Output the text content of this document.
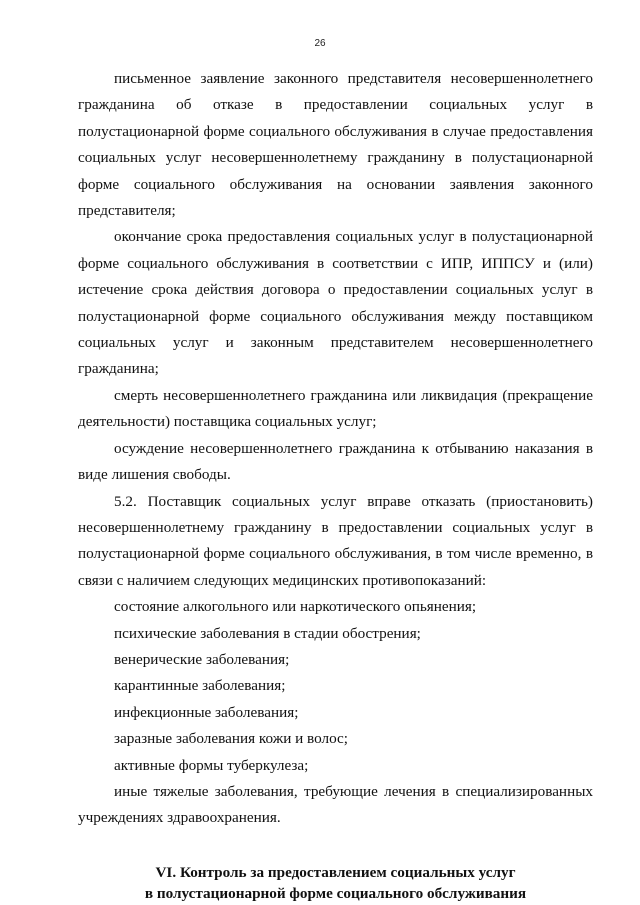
26

письменное заявление законного представителя несовершеннолетнего гражданина об отказе в предоставлении социальных услуг в полустационарной форме социального обслуживания в случае предоставления социальных услуг несовершеннолетнему гражданину в полустационарной форме социального обслуживания на основании заявления законного представителя;

окончание срока предоставления социальных услуг в полустационарной форме социального обслуживания в соответствии с ИПР, ИППСУ и (или) истечение срока действия договора о предоставлении социальных услуг в полустационарной форме социального обслуживания между поставщиком социальных услуг и законным представителем несовершеннолетнего гражданина;

смерть несовершеннолетнего гражданина или ликвидация (прекращение деятельности) поставщика социальных услуг;

осуждение несовершеннолетнего гражданина к отбыванию наказания в виде лишения свободы.

5.2. Поставщик социальных услуг вправе отказать (приостановить) несовершеннолетнему гражданину в предоставлении социальных услуг в полустационарной форме социального обслуживания, в том числе временно, в связи с наличием следующих медицинских противопоказаний:

состояние алкогольного или наркотического опьянения;

психические заболевания в стадии обострения;

венерические заболевания;

карантинные заболевания;

инфекционные заболевания;

заразные заболевания кожи и волос;

активные формы туберкулеза;

иные тяжелые заболевания, требующие лечения в специализированных учреждениях здравоохранения.

VI. Контроль за предоставлением социальных услуг
в полустационарной форме социального обслуживания
